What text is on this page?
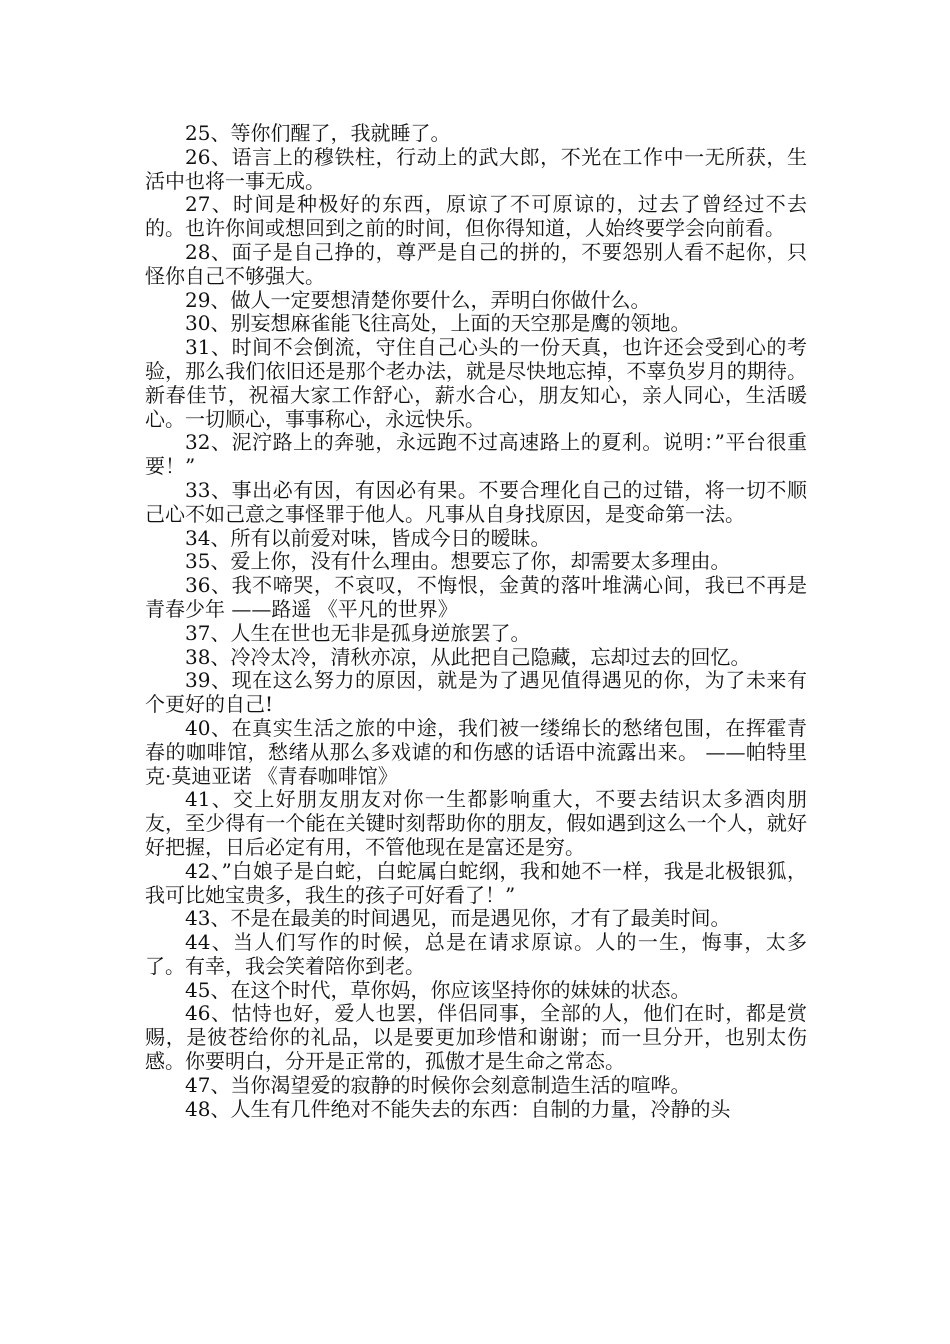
25、等你们醒了，我就睡了。

26、语言上的穆铁柱，行动上的武大郎，不光在工作中一无所获，生活中也将一事无成。

27、时间是种极好的东西，原谅了不可原谅的，过去了曾经过不去的。也许你间或想回到之前的时间，但你得知道，人始终要学会向前看。

28、面子是自己挣的，尊严是自己的拼的，不要怨别人看不起你，只怪你自己不够强大。

29、做人一定要想清楚你要什么，弄明白你做什么。

30、别妄想麻雀能飞往高处，上面的天空那是鹰的领地。

31、时间不会倒流，守住自己心头的一份天真，也许还会受到心的考验，那么我们依旧还是那个老办法，就是尽快地忘掉，不辜负岁月的期待。新春佳节，祝福大家工作舒心，薪水合心，朋友知心，亲人同心，生活暖心。一切顺心，事事称心，永远快乐。

32、泥泞路上的奔驰，永远跑不过高速路上的夏利。说明：”平台很重要！”

33、事出必有因，有因必有果。不要合理化自己的过错，将一切不顺己心不如己意之事怪罪于他人。凡事从自身找原因，是变命第一法。

34、所有以前爱对味，皆成今日的暧昧。

35、爱上你，没有什么理由。想要忘了你，却需要太多理由。

36、我不啼哭，不哀叹，不悔恨，金黄的落叶堆满心间，我已不再是青春少年 ——路遥 《平凡的世界》

37、人生在世也无非是孤身逆旅罢了。

38、冷冷太冷，清秋亦凉，从此把自己隐藏，忘却过去的回忆。

39、现在这么努力的原因，就是为了遇见值得遇见的你，为了未来有个更好的自己!

40、在真实生活之旅的中途，我们被一缕绵长的愁绪包围，在挥霍青春的咖啡馆，愁绪从那么多戏谑的和伤感的话语中流露出来。 ——帕特里克·莫迪亚诺 《青春咖啡馆》

41、交上好朋友朋友对你一生都影响重大，不要去结识太多酒肉朋友，至少得有一个能在关键时刻帮助你的朋友，假如遇到这么一个人，就好好把握，日后必定有用，不管他现在是富还是穷。

42、”白娘子是白蛇，白蛇属白蛇纲，我和她不一样，我是北极银狐，我可比她宝贵多，我生的孩子可好看了！”

43、不是在最美的时间遇见，而是遇见你，才有了最美时间。

44、当人们写作的时候，总是在请求原谅。人的一生，悔事，太多了。有幸，我会笑着陪你到老。

45、在这个时代，草你妈，你应该坚持你的妹妹的状态。

46、怙恃也好，爱人也罢，伴侣同事，全部的人，他们在时，都是赏赐，是彼苍给你的礼品，以是要更加珍惜和谢谢；而一旦分开，也别太伤感。你要明白，分开是正常的，孤傲才是生命之常态。

47、当你渴望爱的寂静的时候你会刻意制造生活的喧哗。

48、人生有几件绝对不能失去的东西：自制的力量，冷静的头
